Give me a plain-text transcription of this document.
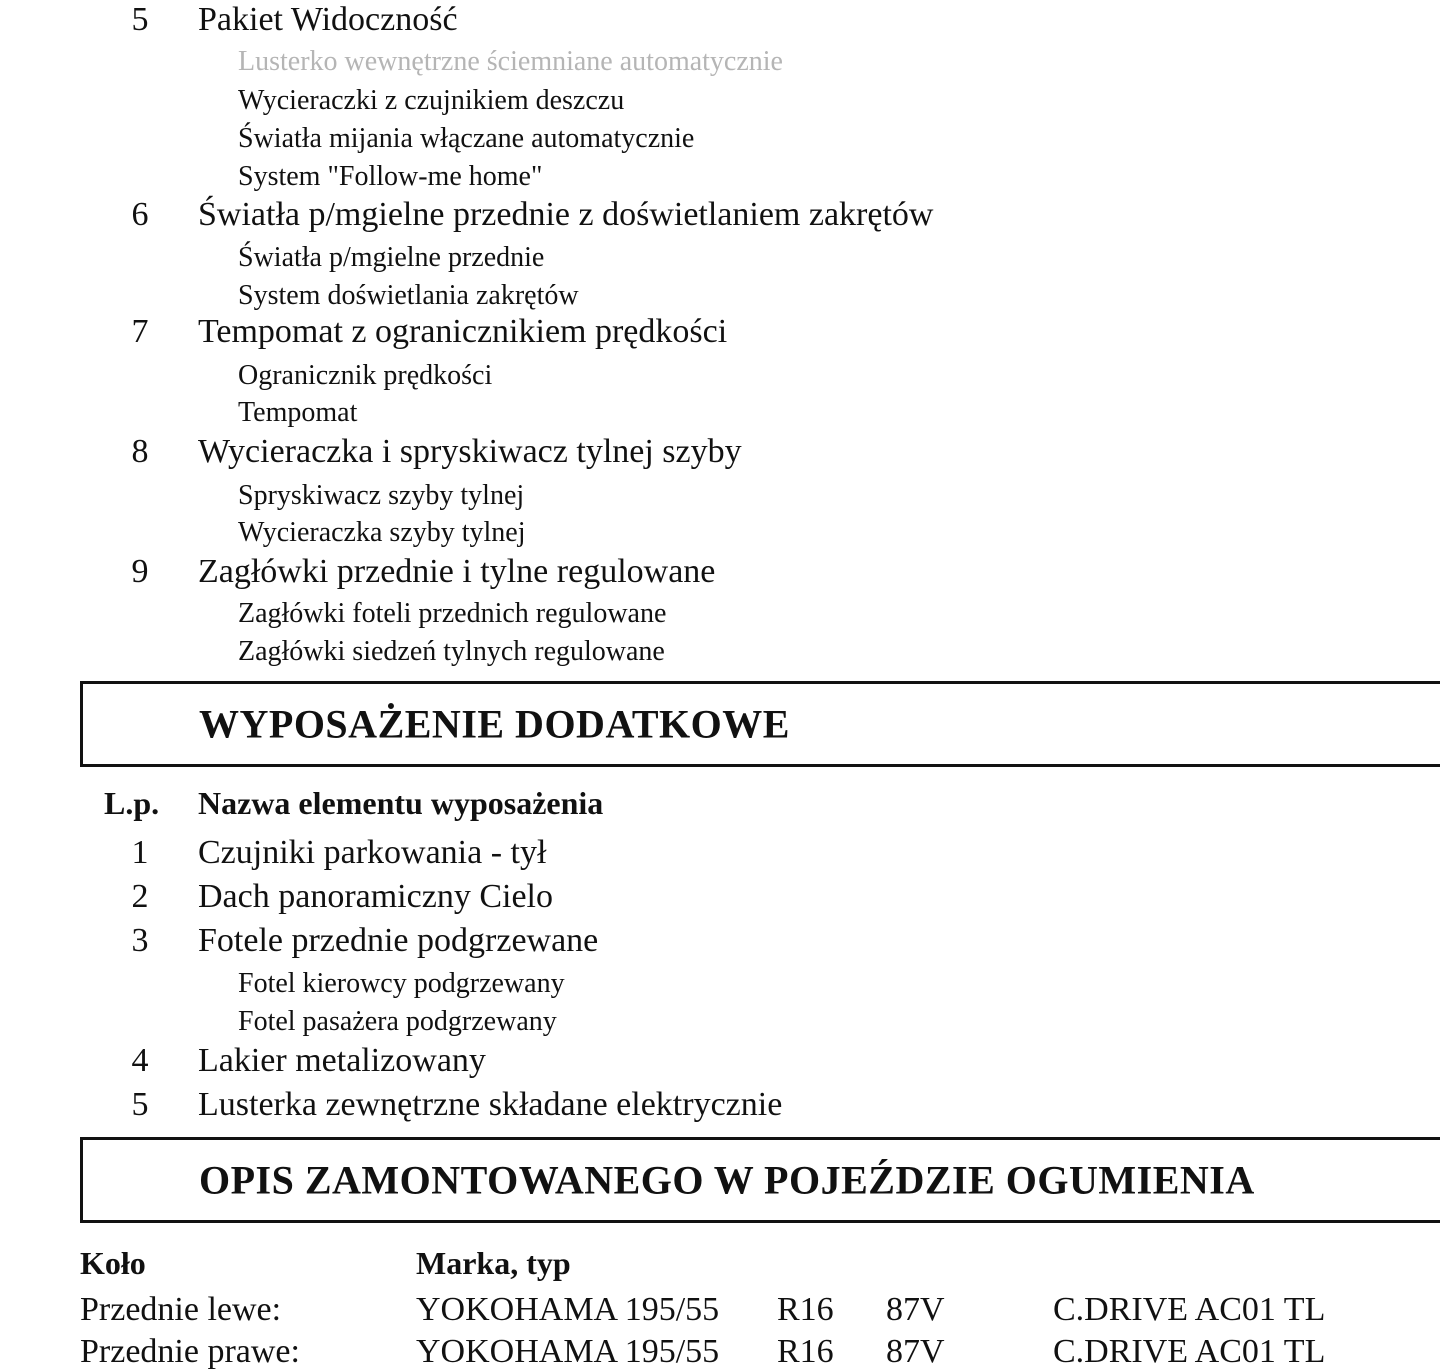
5	Pakiet Widoczność
Lusterko wewnętrzne ściemniane automatycznie
Wycieraczki z czujnikiem deszczu
Światła mijania włączane automatycznie
System "Follow-me home"
6	Światła p/mgielne przednie z doświetlaniem zakrętów
Światła p/mgielne przednie
System doświetlania zakrętów
7	Tempomat z ogranicznikiem prędkości
Ogranicznik prędkości
Tempomat
8	Wycieraczka i spryskiwacz tylnej szyby
Spryskiwacz szyby tylnej
Wycieraczka szyby tylnej
9	Zagłówki przednie i tylne regulowane
Zagłówki foteli przednich regulowane
Zagłówki siedzeń tylnych regulowane
WYPOSAŻENIE DODATKOWE
L.p. Nazwa elementu wyposażenia
1	Czujniki parkowania - tył
2	Dach panoramiczny Cielo
3	Fotele przednie podgrzewane
Fotel kierowcy podgrzewany
Fotel pasażera podgrzewany
4	Lakier metalizowany
5	Lusterka zewnętrzne składane elektrycznie
OPIS ZAMONTOWANEGO W POJEŹDZIE OGUMIENIA
Koło	Marka, typ
Przednie lewe:	YOKOHAMA 195/55 R16 87V	C.DRIVE AC01 TL
Przednie prawe:	YOKOHAMA 195/55 R16 87V	C.DRIVE AC01 TL
